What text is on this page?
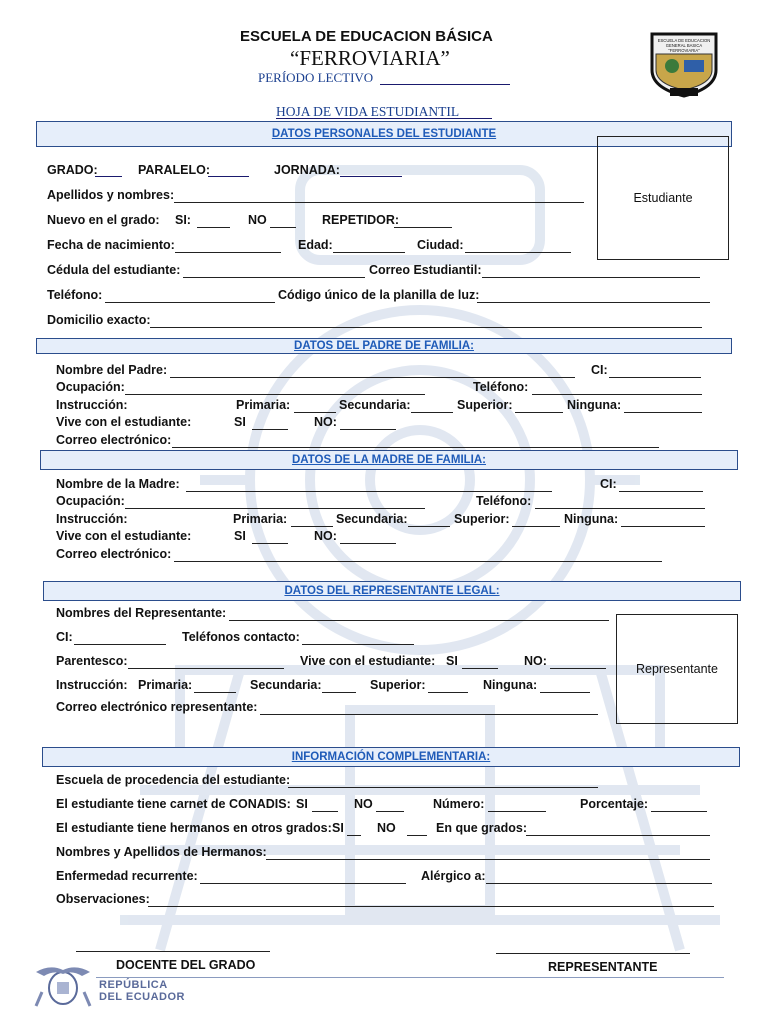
ESCUELA DE EDUCACION BÁSICA
“FERROVIARIA”
PERÍODO LECTIVO
HOJA DE VIDA ESTUDIANTIL
ESCUELA DE EDUCACION
GENERAL BASICA
"FERROVIARIA"
DATOS PERSONALES DEL ESTUDIANTE
Estudiante
GRADO:	PARALELO:	JORNADA:
Apellidos y nombres:
Nuevo en el grado: SI:	NO	REPETIDOR:
Fecha de nacimiento:	Edad:	Ciudad:
Cédula del estudiante:	Correo Estudiantil:
Teléfono:	Código único de la planilla de luz:
Domicilio exacto:
DATOS DEL PADRE DE FAMILIA:
Nombre del Padre:	CI:
Ocupación:	Teléfono:
Instrucción:	Primaria:	Secundaria:	Superior:	Ninguna:
Vive con el estudiante:	SI	NO:
Correo electrónico:
DATOS DE LA MADRE DE FAMILIA:
Nombre de la Madre:	CI:
Ocupación:	Teléfono:
Instrucción:	Primaria:	Secundaria:	Superior:	Ninguna:
Vive con el estudiante:	SI	NO:
Correo electrónico:
DATOS DEL REPRESENTANTE LEGAL:
Representante
Nombres del Representante:
CI:	Teléfonos contacto:
Parentesco:	Vive con el estudiante: SI	NO:
Instrucción: Primaria:	Secundaria:	Superior:	Ninguna:
Correo electrónico representante:
INFORMACIÓN COMPLEMENTARIA:
Escuela de procedencia del estudiante:
El estudiante tiene carnet de CONADIS: SI	NO	Número:	Porcentaje:
El estudiante tiene hermanos en otros grados: SI	NO	En que grados:
Nombres y Apellidos de Hermanos:
Enfermedad recurrente:	Alérgico a:
Observaciones:
DOCENTE DEL GRADO	REPRESENTANTE
REPÚBLICA
DEL ECUADOR
